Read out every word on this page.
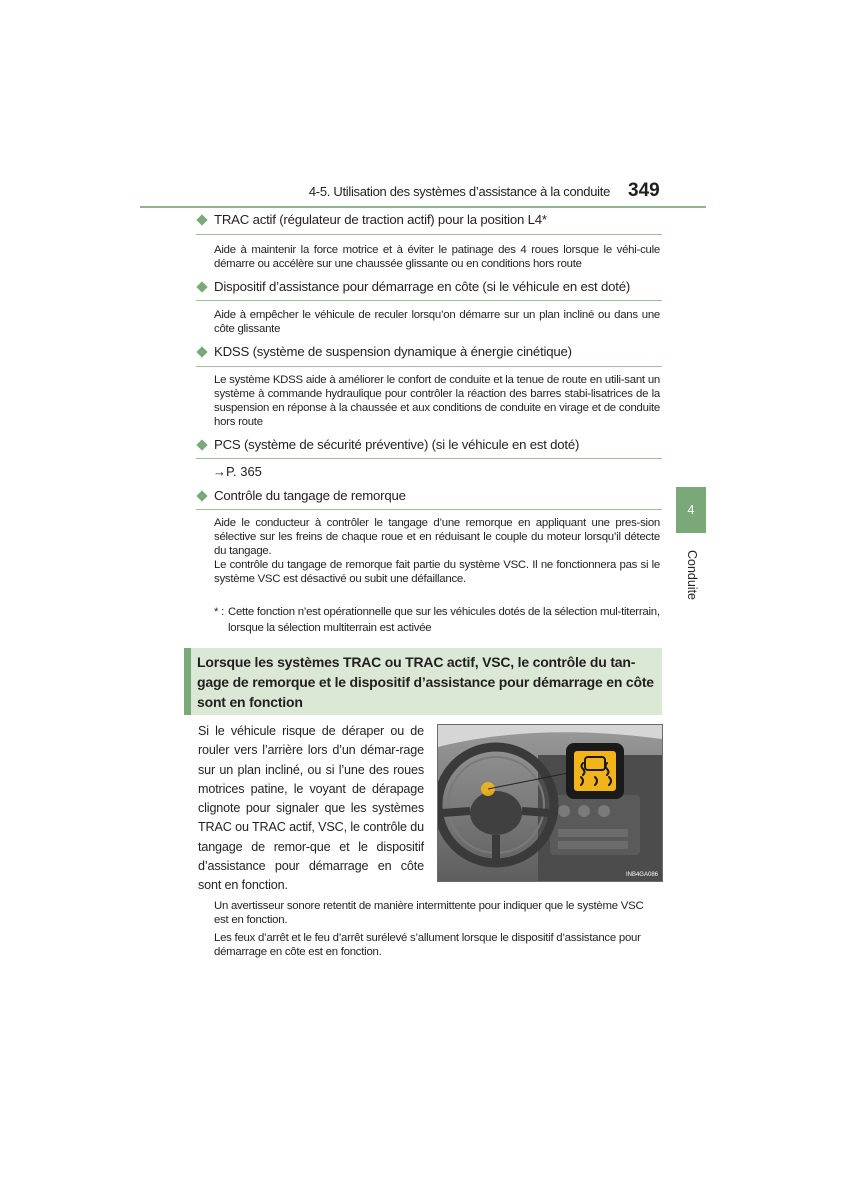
4-5. Utilisation des systèmes d’assistance à la conduite 349
TRAC actif (régulateur de traction actif) pour la position L4*
Aide à maintenir la force motrice et à éviter le patinage des 4 roues lorsque le véhi-cule démarre ou accélère sur une chaussée glissante ou en conditions hors route
Dispositif d’assistance pour démarrage en côte (si le véhicule en est doté)
Aide à empêcher le véhicule de reculer lorsqu’on démarre sur un plan incliné ou dans une côte glissante
KDSS (système de suspension dynamique à énergie cinétique)
Le système KDSS aide à améliorer le confort de conduite et la tenue de route en utili-sant un système à commande hydraulique pour contrôler la réaction des barres stabi-lisatrices de la suspension en réponse à la chaussée et aux conditions de conduite en virage et de conduite hors route
PCS (système de sécurité préventive) (si le véhicule en est doté)
→P. 365
Contrôle du tangage de remorque

Aide le conducteur à contrôler le tangage d’une remorque en appliquant une pres-sion sélective sur les freins de chaque roue et en réduisant le couple du moteur lorsqu’il détecte du tangage.

Le contrôle du tangage de remorque fait partie du système VSC. Il ne fonctionnera pas si le système VSC est désactivé ou subit une défaillance.

* : Cette fonction n’est opérationnelle que sur les véhicules dotés de la sélection mul-titerrain, lorsque la sélection multiterrain est activée
Lorsque les systèmes TRAC ou TRAC actif, VSC, le contrôle du tan-gage de remorque et le dispositif d’assistance pour démarrage en côte sont en fonction
Si le véhicule risque de déraper ou de rouler vers l’arrière lors d’un démar-rage sur un plan incliné, ou si l’une des roues motrices patine, le voyant de dérapage clignote pour signaler que les systèmes TRAC ou TRAC actif, VSC, le contrôle du tangage de remor-que et le dispositif d’assistance pour démarrage en côte sont en fonction.
INB4GA086

Un avertisseur sonore retentit de manière intermittente pour indiquer que le système VSC est en fonction.

Les feux d’arrêt et le feu d’arrêt surélevé s’allument lorsque le dispositif d’assistance pour démarrage en côte est en fonction.

4
Conduite
